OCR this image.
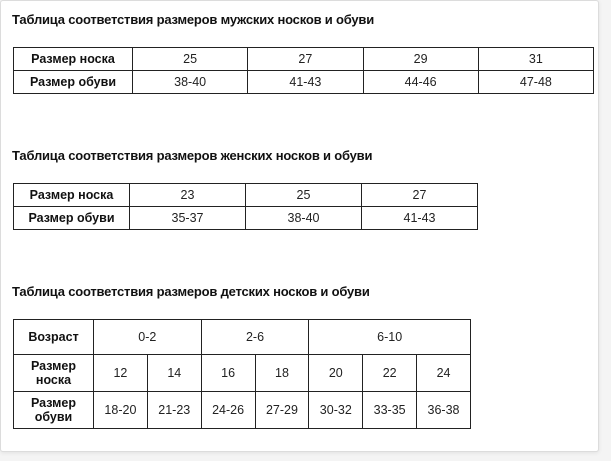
Таблица соответствия размеров мужских носков и обуви
Размер носка	25	27	29	31
Размер обуви	38-40	41-43	44-46	47-48
Таблица соответствия размеров женских носков и обуви
Размер носка	23	25	27
Размер обуви	35-37	38-40	41-43
Таблица соответствия размеров детских носков и обуви
Возраст	0-2		2-6		6-10		
Размер носка	12	14	16	18	20	22	24
Размер обуви	18-20	21-23	24-26	27-29	30-32	33-35	36-38
